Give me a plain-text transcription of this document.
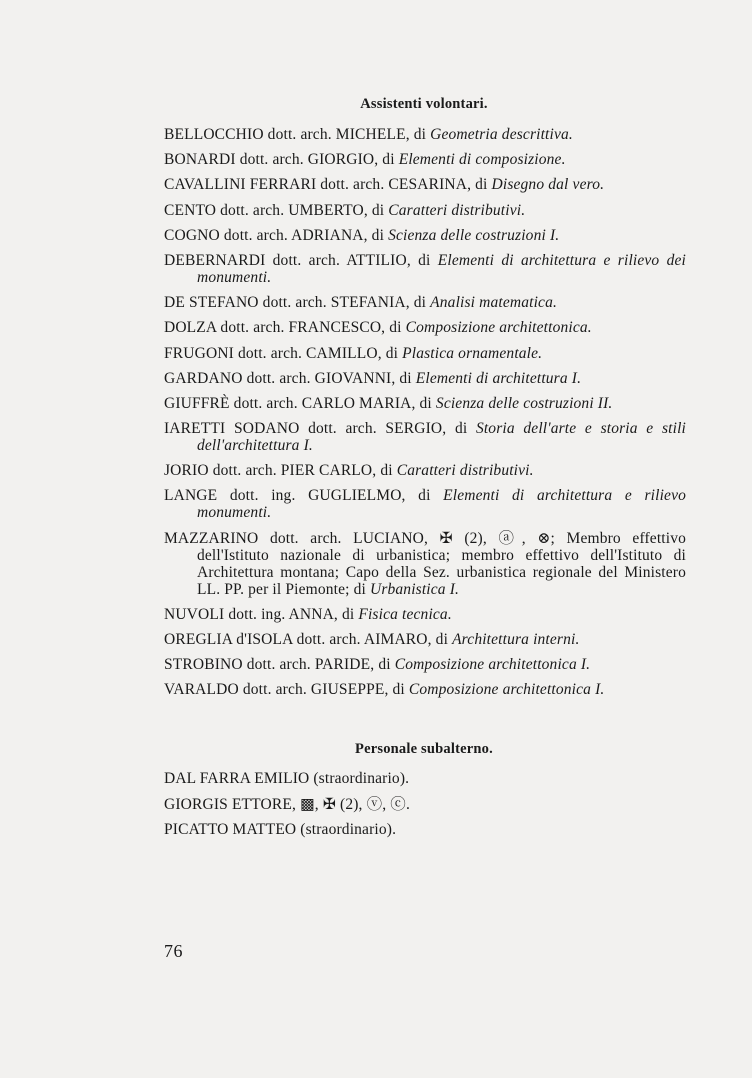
Assistenti volontari.

BELLOCCHIO dott. arch. MICHELE, di Geometria descrittiva.

BONARDI dott. arch. GIORGIO, di Elementi di composizione.

CAVALLINI FERRARI dott. arch. CESARINA, di Disegno dal vero.

CENTO dott. arch. UMBERTO, di Caratteri distributivi.

COGNO dott. arch. ADRIANA, di Scienza delle costruzioni I.

DEBERNARDI dott. arch. ATTILIO, di Elementi di architettura e rilievo dei monumenti.

DE STEFANO dott. arch. STEFANIA, di Analisi matematica.

DOLZA dott. arch. FRANCESCO, di Composizione architettonica.

FRUGONI dott. arch. CAMILLO, di Plastica ornamentale.

GARDANO dott. arch. GIOVANNI, di Elementi di architettura I.

GIUFFRÈ dott. arch. CARLO MARIA, di Scienza delle costruzioni II.

IARETTI SODANO dott. arch. SERGIO, di Storia dell'arte e storia e stili dell'architettura I.

JORIO dott. arch. PIER CARLO, di Caratteri distributivi.

LANGE dott. ing. GUGLIELMO, di Elementi di architettura e rilievo monumenti.

MAZZARINO dott. arch. LUCIANO, ✠ (2), ⓐ, ⊗; Membro effettivo dell'Istituto nazionale di urbanistica; membro effettivo dell'Istituto di Architettura montana; Capo della Sez. urbanistica regionale del Ministero LL. PP. per il Piemonte; di Urbanistica I.

NUVOLI dott. ing. ANNA, di Fisica tecnica.

OREGLIA d'ISOLA dott. arch. AIMARO, di Architettura interni.

STROBINO dott. arch. PARIDE, di Composizione architettonica I.

VARALDO dott. arch. GIUSEPPE, di Composizione architettonica I.

Personale subalterno.

DAL FARRA EMILIO (straordinario).

GIORGIS ETTORE, ▩, ✠ (2), ⓥ, ⓒ.

PICATTO MATTEO (straordinario).

76
